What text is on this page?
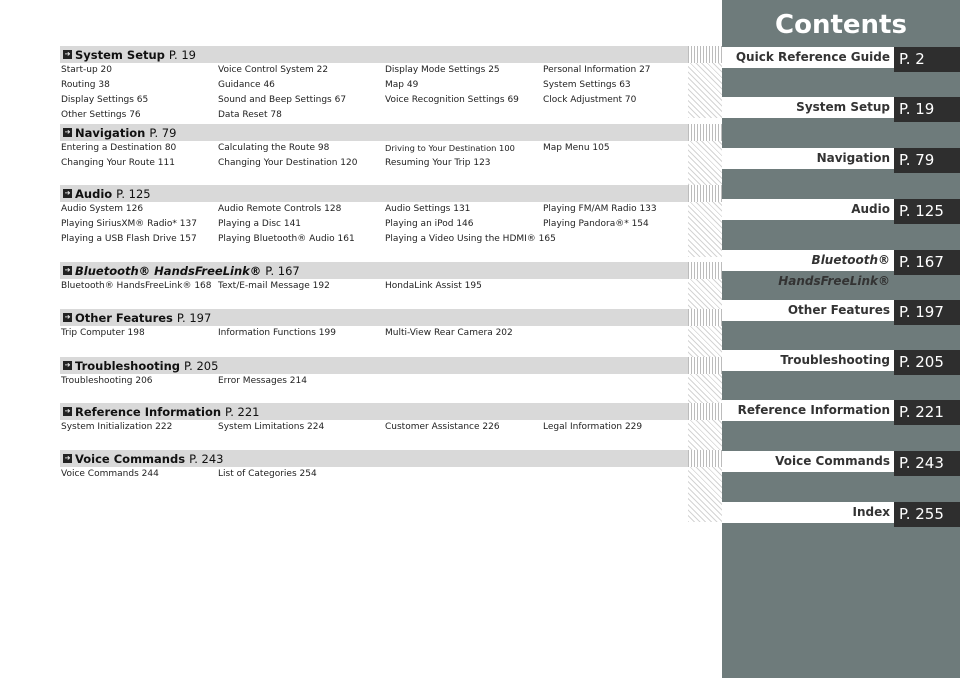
➔ System Setup P. 19
Start-up 20	Voice Control System 22	Display Mode Settings 25	Personal Information 27
Routing 38	Guidance 46	Map 49	System Settings 63
Display Settings 65	Sound and Beep Settings 67	Voice Recognition Settings 69	Clock Adjustment 70
Other Settings 76	Data Reset 78
➔ Navigation P. 79
Entering a Destination 80	Calculating the Route 98	Driving to Your Destination 100	Map Menu 105
Changing Your Route 111	Changing Your Destination 120	Resuming Your Trip 123
➔ Audio P. 125
Audio System 126	Audio Remote Controls 128	Audio Settings 131	Playing FM/AM Radio 133
Playing SiriusXM® Radio* 137	Playing a Disc 141	Playing an iPod 146	Playing Pandora®* 154
Playing a USB Flash Drive 157	Playing Bluetooth® Audio 161	Playing a Video Using the HDMI® 165
➔ Bluetooth® HandsFreeLink® P. 167
Bluetooth® HandsFreeLink® 168 Text/E-mail Message 192	HondaLink Assist 195
➔ Other Features P. 197
Trip Computer 198	Information Functions 199	Multi-View Rear Camera 202
➔ Troubleshooting P. 205
Troubleshooting 206	Error Messages 214
➔ Reference Information P. 221
System Initialization 222	System Limitations 224	Customer Assistance 226	Legal Information 229
➔ Voice Commands P. 243
Voice Commands 244	List of Categories 254
Contents
Quick Reference Guide P. 2
System Setup P. 19
Navigation P. 79
Audio P. 125
Bluetooth® HandsFreeLink®
P. 167
Other Features P. 197
Troubleshooting P. 205
Reference Information P. 221
Voice Commands P. 243
Index P. 255
